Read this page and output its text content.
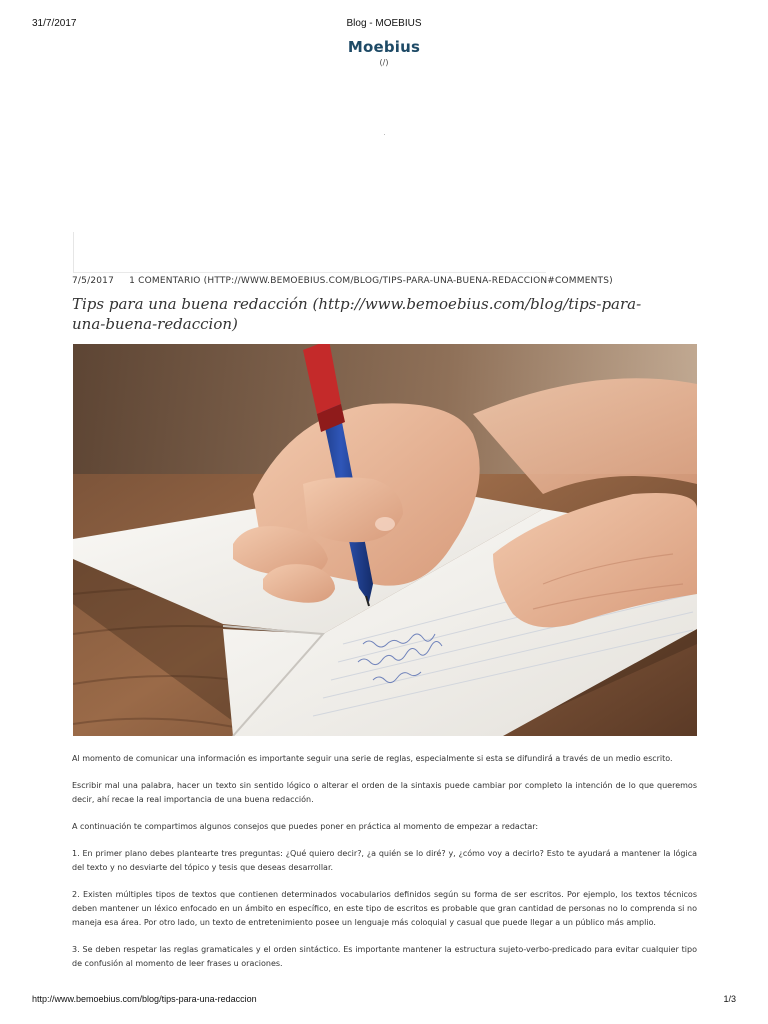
31/7/2017	Blog - MOEBIUS
Moebius
(/)
7/5/2017 1 COMENTARIO (HTTP://WWW.BEMOEBIUS.COM/BLOG/TIPS-PARA-UNA-BUENA-REDACCION#COMMENTS)
Tips para una buena redacción (http://www.bemoebius.com/blog/tips-para-una-buena-redaccion)

Al momento de comunicar una información es importante seguir una serie de reglas, especialmente si esta se difundirá a través de un medio escrito.

Escribir mal una palabra, hacer un texto sin sentido lógico o alterar el orden de la sintaxis puede cambiar por completo la intención de lo que queremos decir, ahí recae la real importancia de una buena redacción.

A continuación te compartimos algunos consejos que puedes poner en práctica al momento de empezar a redactar:

1. En primer plano debes plantearte tres preguntas: ¿Qué quiero decir?, ¿a quién se lo diré? y, ¿cómo voy a decirlo? Esto te ayudará a mantener la lógica del texto y no desviarte del tópico y tesis que deseas desarrollar.

2. Existen múltiples tipos de textos que contienen determinados vocabularios definidos según su forma de ser escritos. Por ejemplo, los textos técnicos deben mantener un léxico enfocado en un ámbito en específico, en este tipo de escritos es probable que gran cantidad de personas no lo comprenda si no maneja esa área. Por otro lado, un texto de entretenimiento posee un lenguaje más coloquial y casual que puede llegar a un público más amplio.

3. Se deben respetar las reglas gramaticales y el orden sintáctico. Es importante mantener la estructura sujeto-verbo-predicado para evitar cualquier tipo de confusión al momento de leer frases u oraciones.

http://www.bemoebius.com/blog/tips-para-una-redaccion	1/3
